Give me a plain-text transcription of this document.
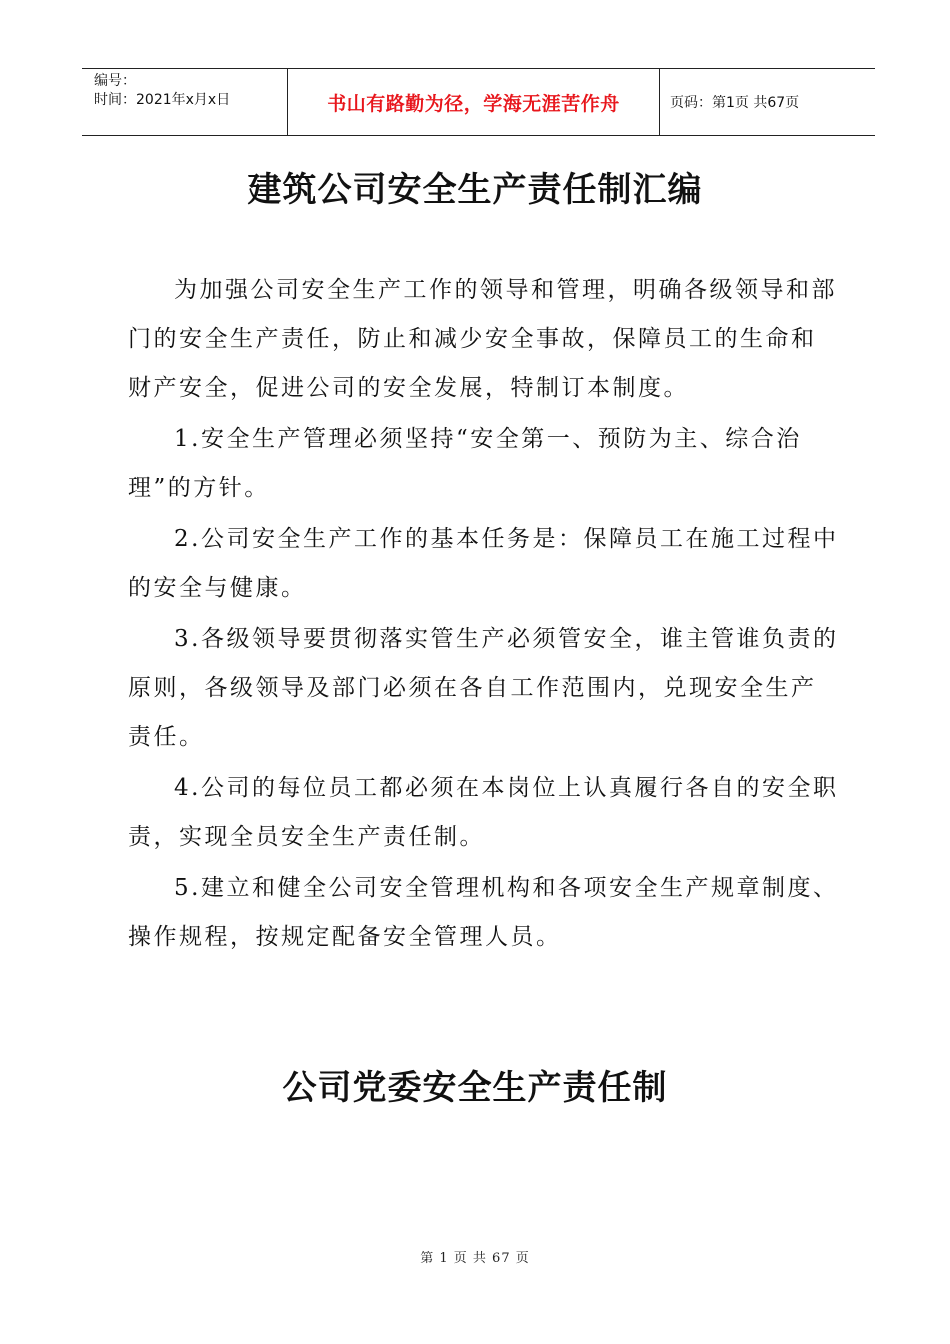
编号：
时间：2021年x月x日	书山有路勤为径，学海无涯苦作舟	页码：第1页 共67页
建筑公司安全生产责任制汇编

为加强公司安全生产工作的领导和管理，明确各级领导和部门的安全生产责任，防止和减少安全事故，保障员工的生命和财产安全，促进公司的安全发展，特制订本制度。

1.安全生产管理必须坚持“安全第一、预防为主、综合治理”的方针。

2.公司安全生产工作的基本任务是：保障员工在施工过程中的安全与健康。

3.各级领导要贯彻落实管生产必须管安全，谁主管谁负责的原则，各级领导及部门必须在各自工作范围内，兑现安全生产责任。

4.公司的每位员工都必须在本岗位上认真履行各自的安全职责，实现全员安全生产责任制。

5.建立和健全公司安全管理机构和各项安全生产规章制度、操作规程，按规定配备安全管理人员。

公司党委安全生产责任制
第 1 页 共 67 页
